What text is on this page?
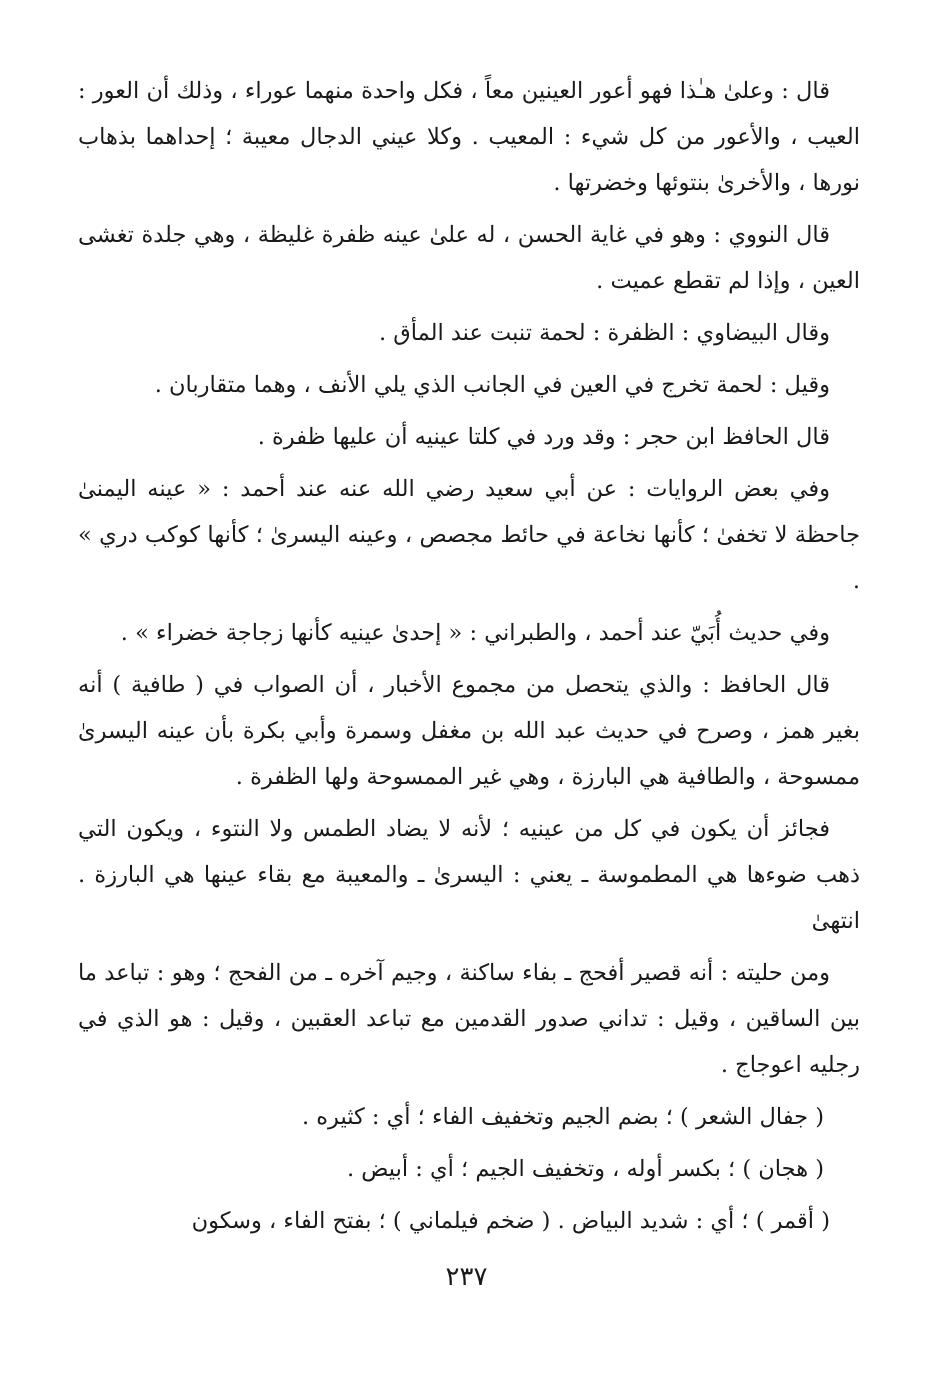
قال : وعلىٰ هـٰذا فهو أعور العينين معاً ، فكل واحدة منهما عوراء ، وذلك أن العور : العيب ، والأعور من كل شيء : المعيب . وكلا عيني الدجال معيبة ؛ إحداهما بذهاب نورها ، والأخرىٰ بنتوئها وخضرتها .

قال النووي : وهو في غاية الحسن ، له علىٰ عينه ظفرة غليظة ، وهي جلدة تغشى العين ، وإذا لم تقطع عميت .

وقال البيضاوي : الظفرة : لحمة تنبت عند المأق .

وقيل : لحمة تخرج في العين في الجانب الذي يلي الأنف ، وهما متقاربان .

قال الحافظ ابن حجر : وقد ورد في كلتا عينيه أن عليها ظفرة .

وفي بعض الروايات : عن أبي سعيد رضي الله عنه عند أحمد : « عينه اليمنىٰ جاحظة لا تخفىٰ ؛ كأنها نخاعة في حائط مجصص ، وعينه اليسرىٰ ؛ كأنها كوكب دري » .

وفي حديث أُبَيّ عند أحمد ، والطبراني : « إحدىٰ عينيه كأنها زجاجة خضراء » .

قال الحافظ : والذي يتحصل من مجموع الأخبار ، أن الصواب في ( طافية ) أنه بغير همز ، وصرح في حديث عبد الله بن مغفل وسمرة وأبي بكرة بأن عينه اليسرىٰ ممسوحة ، والطافية هي البارزة ، وهي غير الممسوحة ولها الظفرة .

فجائز أن يكون في كل من عينيه ؛ لأنه لا يضاد الطمس ولا النتوء ، ويكون التي ذهب ضوءها هي المطموسة ـ يعني : اليسرىٰ ـ والمعيبة مع بقاء عينها هي البارزة . انتهىٰ

ومن حليته : أنه قصير أفحج ـ بفاء ساكنة ، وجيم آخره ـ من الفحج ؛ وهو : تباعد ما بين الساقين ، وقيل : تداني صدور القدمين مع تباعد العقبين ، وقيل : هو الذي في رجليه اعوجاج .

( جفال الشعر ) ؛ بضم الجيم وتخفيف الفاء ؛ أي : كثيره .

( هجان ) ؛ بكسر أوله ، وتخفيف الجيم ؛ أي : أبيض .

( أقمر ) ؛ أي : شديد البياض . ( ضخم فيلماني ) ؛ بفتح الفاء ، وسكون

٢٣٧
